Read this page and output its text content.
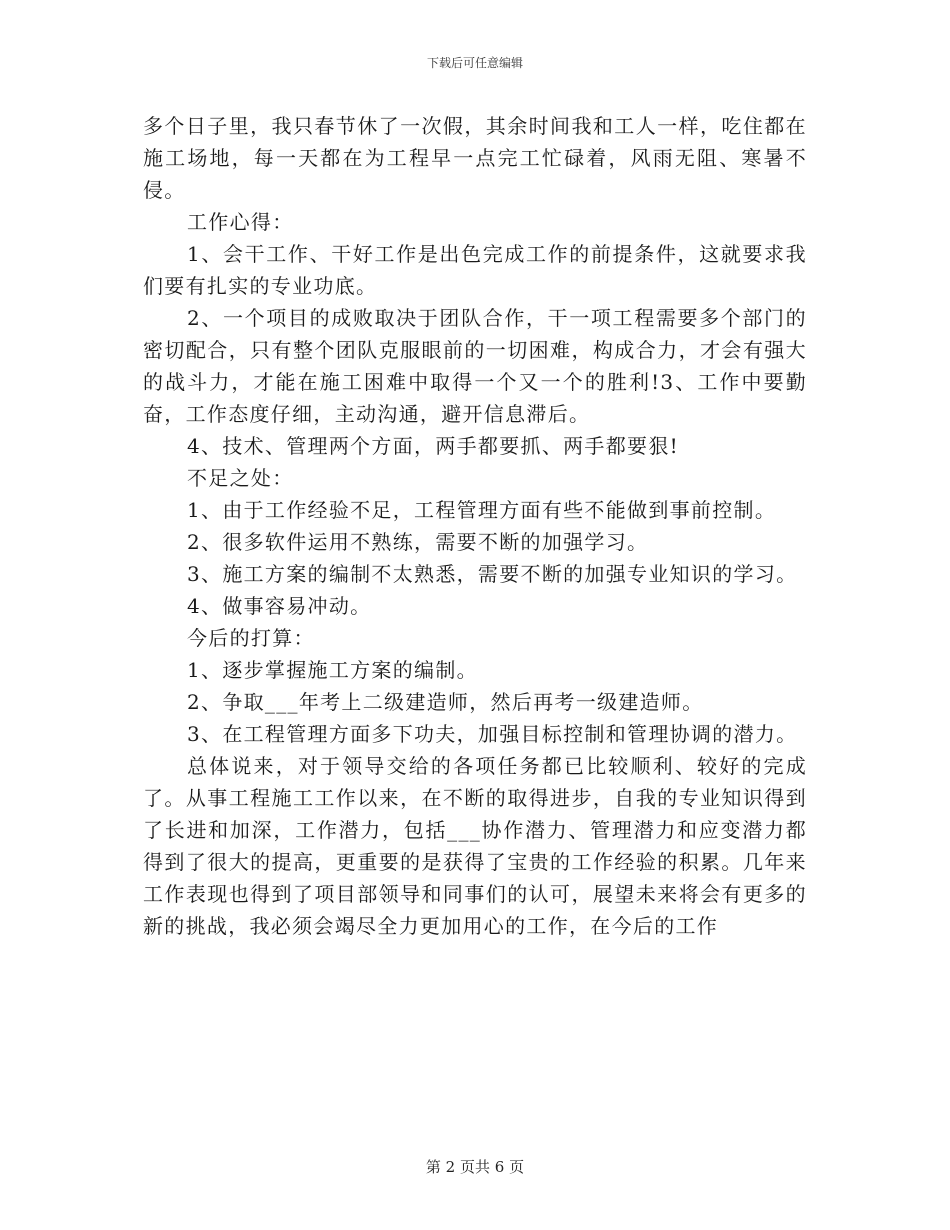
下载后可任意编辑

多个日子里，我只春节休了一次假，其余时间我和工人一样，吃住都在施工场地，每一天都在为工程早一点完工忙碌着，风雨无阻、寒暑不侵。

工作心得：

1、会干工作、干好工作是出色完成工作的前提条件，这就要求我们要有扎实的专业功底。

2、一个项目的成败取决于团队合作，干一项工程需要多个部门的密切配合，只有整个团队克服眼前的一切困难，构成合力，才会有强大的战斗力，才能在施工困难中取得一个又一个的胜利!3、工作中要勤奋，工作态度仔细，主动沟通，避开信息滞后。

4、技术、管理两个方面，两手都要抓、两手都要狠!

不足之处：

1、由于工作经验不足，工程管理方面有些不能做到事前控制。

2、很多软件运用不熟练，需要不断的加强学习。

3、施工方案的编制不太熟悉，需要不断的加强专业知识的学习。

4、做事容易冲动。

今后的打算：

1、逐步掌握施工方案的编制。

2、争取___年考上二级建造师，然后再考一级建造师。

3、在工程管理方面多下功夫，加强目标控制和管理协调的潜力。

总体说来，对于领导交给的各项任务都已比较顺利、较好的完成了。从事工程施工工作以来，在不断的取得进步，自我的专业知识得到了长进和加深，工作潜力，包括___协作潜力、管理潜力和应变潜力都得到了很大的提高，更重要的是获得了宝贵的工作经验的积累。几年来工作表现也得到了项目部领导和同事们的认可，展望未来将会有更多的新的挑战，我必须会竭尽全力更加用心的工作，在今后的工作

第 2 页共 6 页
